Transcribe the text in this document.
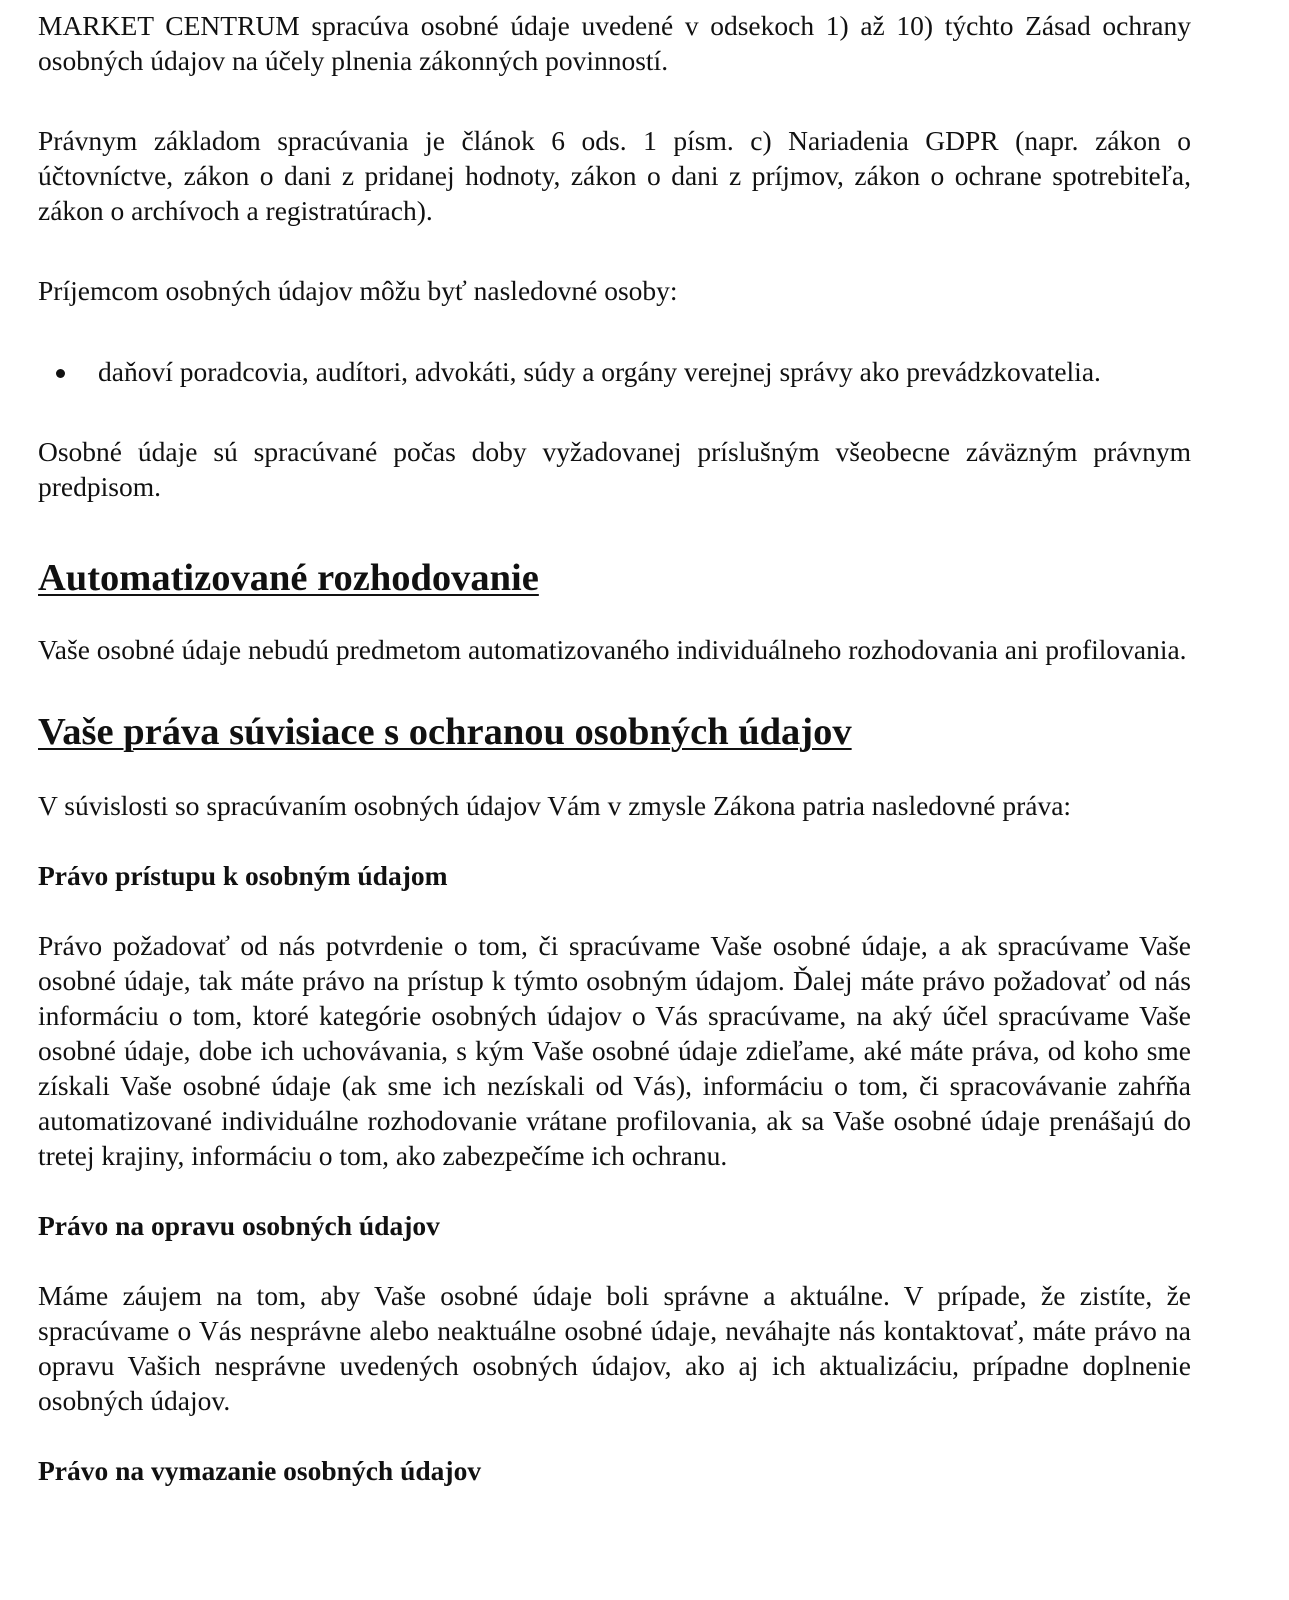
MARKET CENTRUM spracúva osobné údaje uvedené v odsekoch 1) až 10) týchto Zásad ochrany osobných údajov na účely plnenia zákonných povinností.

Právnym základom spracúvania je článok 6 ods. 1 písm. c) Nariadenia GDPR (napr. zákon o účtovníctve, zákon o dani z pridanej hodnoty, zákon o dani z príjmov, zákon o ochrane spotrebiteľa, zákon o archívoch a registratúrach).

Príjemcom osobných údajov môžu byť nasledovné osoby:

daňoví poradcovia, audítori, advokáti, súdy a orgány verejnej správy ako prevádzkovatelia.

Osobné údaje sú spracúvané počas doby vyžadovanej príslušným všeobecne záväzným právnym predpisom.

Automatizované rozhodovanie

Vaše osobné údaje nebudú predmetom automatizovaného individuálneho rozhodovania ani profilovania.

Vaše práva súvisiace s ochranou osobných údajov

V súvislosti so spracúvaním osobných údajov Vám v zmysle Zákona patria nasledovné práva:

Právo prístupu k osobným údajom

Právo požadovať od nás potvrdenie o tom, či spracúvame Vaše osobné údaje, a ak spracúvame Vaše osobné údaje, tak máte právo na prístup k týmto osobným údajom. Ďalej máte právo požadovať od nás informáciu o tom, ktoré kategórie osobných údajov o Vás spracúvame, na aký účel spracúvame Vaše osobné údaje, dobe ich uchovávania, s kým Vaše osobné údaje zdieľame, aké máte práva, od koho sme získali Vaše osobné údaje (ak sme ich nezískali od Vás), informáciu o tom, či spracovávanie zahŕňa automatizované individuálne rozhodovanie vrátane profilovania, ak sa Vaše osobné údaje prenášajú do tretej krajiny, informáciu o tom, ako zabezpečíme ich ochranu.

Právo na opravu osobných údajov

Máme záujem na tom, aby Vaše osobné údaje boli správne a aktuálne. V prípade, že zistíte, že spracúvame o Vás nesprávne alebo neaktuálne osobné údaje, neváhajte nás kontaktovať, máte právo na opravu Vašich nesprávne uvedených osobných údajov, ako aj ich aktualizáciu, prípadne doplnenie osobných údajov.

Právo na vymazanie osobných údajov
